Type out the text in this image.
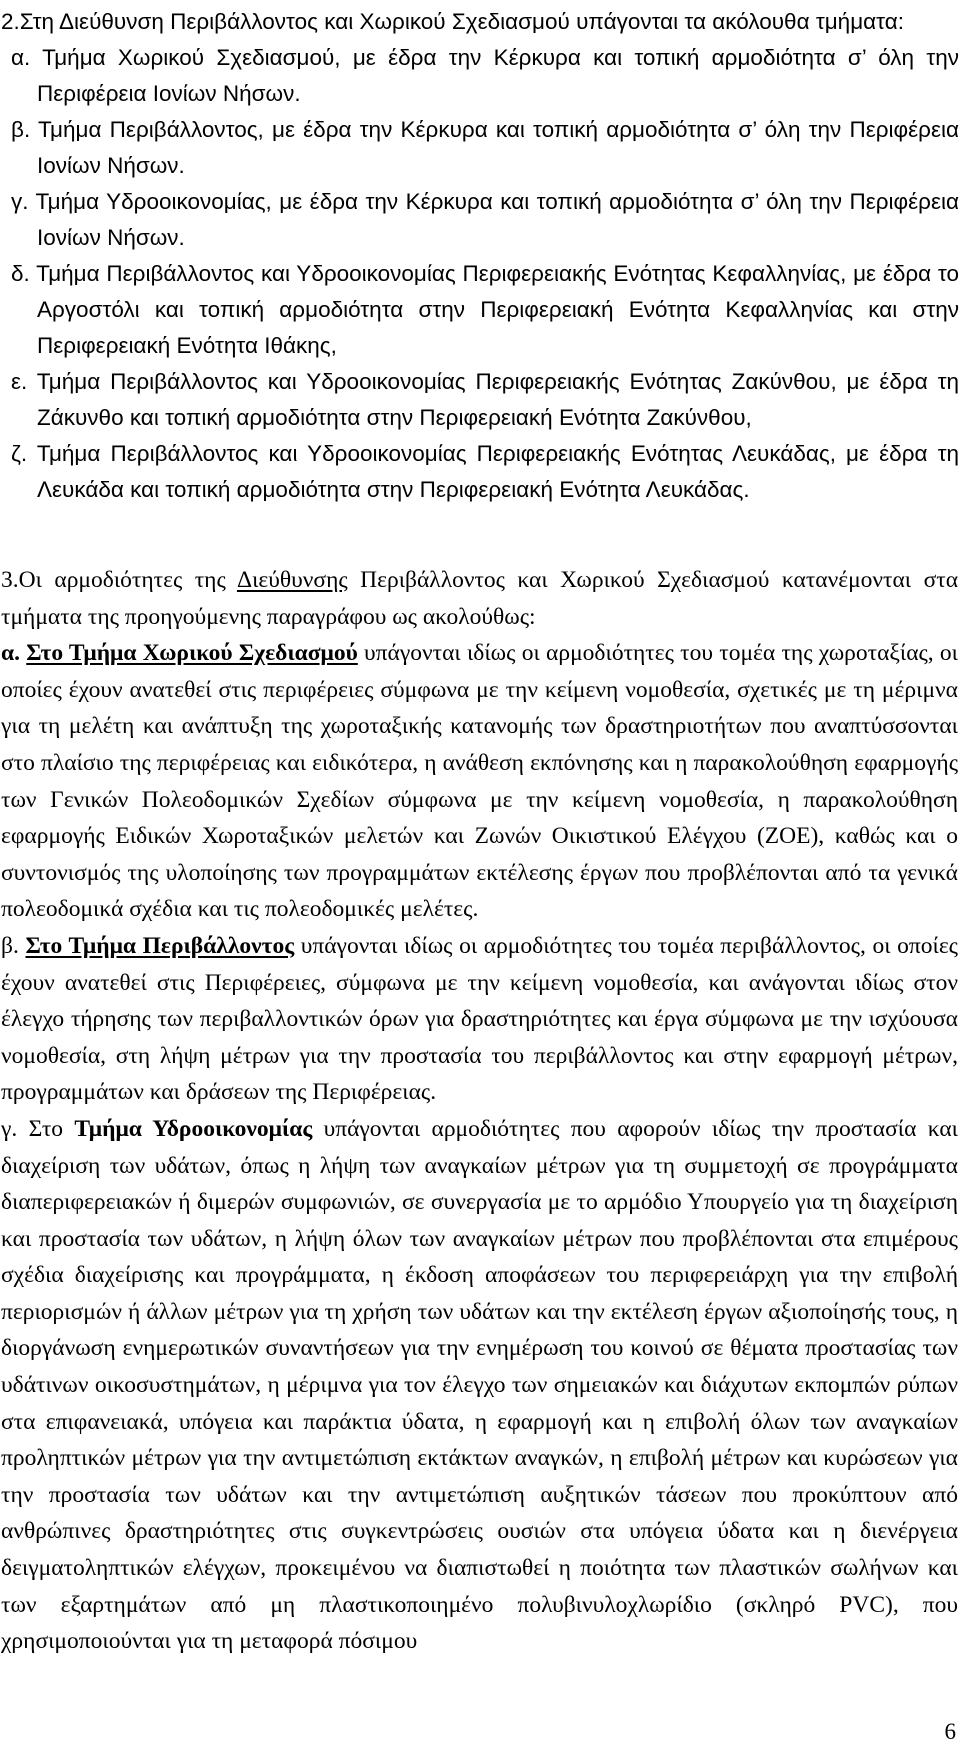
2.Στη Διεύθυνση Περιβάλλοντος και Χωρικού Σχεδιασμού υπάγονται τα ακόλουθα τμήματα:

α. Τμήμα Χωρικού Σχεδιασμού, με έδρα την Κέρκυρα και τοπική αρμοδιότητα σ’ όλη την Περιφέρεια Ιονίων Νήσων.

β. Τμήμα Περιβάλλοντος, με έδρα την Κέρκυρα και τοπική αρμοδιότητα σ’ όλη την Περιφέρεια Ιονίων Νήσων.

γ. Τμήμα Υδροοικονομίας, με έδρα την Κέρκυρα και τοπική αρμοδιότητα σ’ όλη την Περιφέρεια Ιονίων Νήσων.

δ. Τμήμα Περιβάλλοντος και Υδροοικονομίας Περιφερειακής Ενότητας Κεφαλληνίας, με έδρα το Αργοστόλι και τοπική αρμοδιότητα στην Περιφερειακή Ενότητα Κεφαλληνίας και στην Περιφερειακή Ενότητα Ιθάκης,

ε. Τμήμα Περιβάλλοντος και Υδροοικονομίας Περιφερειακής Ενότητας Ζακύνθου, με έδρα τη Ζάκυνθο και τοπική αρμοδιότητα στην Περιφερειακή Ενότητα Ζακύνθου,

ζ. Τμήμα Περιβάλλοντος και Υδροοικονομίας Περιφερειακής Ενότητας Λευκάδας, με έδρα τη Λευκάδα και τοπική αρμοδιότητα στην Περιφερειακή Ενότητα Λευκάδας.

3.Οι αρμοδιότητες της Διεύθυνσης Περιβάλλοντος και Χωρικού Σχεδιασμού κατανέμονται στα τμήματα της προηγούμενης παραγράφου ως ακολούθως:

α. Στο Τμήμα Χωρικού Σχεδιασμού υπάγονται ιδίως οι αρμοδιότητες του τομέα της χωροταξίας, οι οποίες έχουν ανατεθεί στις περιφέρειες σύμφωνα με την κείμενη νομοθεσία, σχετικές με τη μέριμνα για τη μελέτη και ανάπτυξη της χωροταξικής κατανομής των δραστηριοτήτων που αναπτύσσονται στο πλαίσιο της περιφέρειας και ειδικότερα, η ανάθεση εκπόνησης και η παρακολούθηση εφαρμογής των Γενικών Πολεοδομικών Σχεδίων σύμφωνα με την κείμενη νομοθεσία, η παρακολούθηση εφαρμογής Ειδικών Χωροταξικών μελετών και Ζωνών Οικιστικού Ελέγχου (ΖΟΕ), καθώς και ο συντονισμός της υλοποίησης των προγραμμάτων εκτέλεσης έργων που προβλέπονται από τα γενικά πολεοδομικά σχέδια και τις πολεοδομικές μελέτες.

β. Στο Τμήμα Περιβάλλοντος υπάγονται ιδίως οι αρμοδιότητες του τομέα περιβάλλοντος, οι οποίες έχουν ανατεθεί στις Περιφέρειες, σύμφωνα με την κείμενη νομοθεσία, και ανάγονται ιδίως στον έλεγχο τήρησης των περιβαλλοντικών όρων για δραστηριότητες και έργα σύμφωνα με την ισχύουσα νομοθεσία, στη λήψη μέτρων για την προστασία του περιβάλλοντος και στην εφαρμογή μέτρων, προγραμμάτων και δράσεων της Περιφέρειας.

γ. Στο Τμήμα Υδροοικονομίας υπάγονται αρμοδιότητες που αφορούν ιδίως την προστασία και διαχείριση των υδάτων, όπως η λήψη των αναγκαίων μέτρων για τη συμμετοχή σε προγράμματα διαπεριφερειακών ή διμερών συμφωνιών, σε συνεργασία με το αρμόδιο Υπουργείο για τη διαχείριση και προστασία των υδάτων, η λήψη όλων των αναγκαίων μέτρων που προβλέπονται στα επιμέρους σχέδια διαχείρισης και προγράμματα, η έκδοση αποφάσεων του περιφερειάρχη για την επιβολή περιορισμών ή άλλων μέτρων για τη χρήση των υδάτων και την εκτέλεση έργων αξιοποίησής τους, η διοργάνωση ενημερωτικών συναντήσεων για την ενημέρωση του κοινού σε θέματα προστασίας των υδάτινων οικοσυστημάτων, η μέριμνα για τον έλεγχο των σημειακών και διάχυτων εκπομπών ρύπων στα επιφανειακά, υπόγεια και παράκτια ύδατα, η εφαρμογή και η επιβολή όλων των αναγκαίων προληπτικών μέτρων για την αντιμετώπιση εκτάκτων αναγκών, η επιβολή μέτρων και κυρώσεων για την προστασία των υδάτων και την αντιμετώπιση αυξητικών τάσεων που προκύπτουν από ανθρώπινες δραστηριότητες στις συγκεντρώσεις ουσιών στα υπόγεια ύδατα και η διενέργεια δειγματοληπτικών ελέγχων, προκειμένου να διαπιστωθεί η ποιότητα των πλαστικών σωλήνων και των εξαρτημάτων από μη πλαστικοποιημένο πολυβινυλοχλωρίδιο (σκληρό PVC), που χρησιμοποιούνται για τη μεταφορά πόσιμου

6
